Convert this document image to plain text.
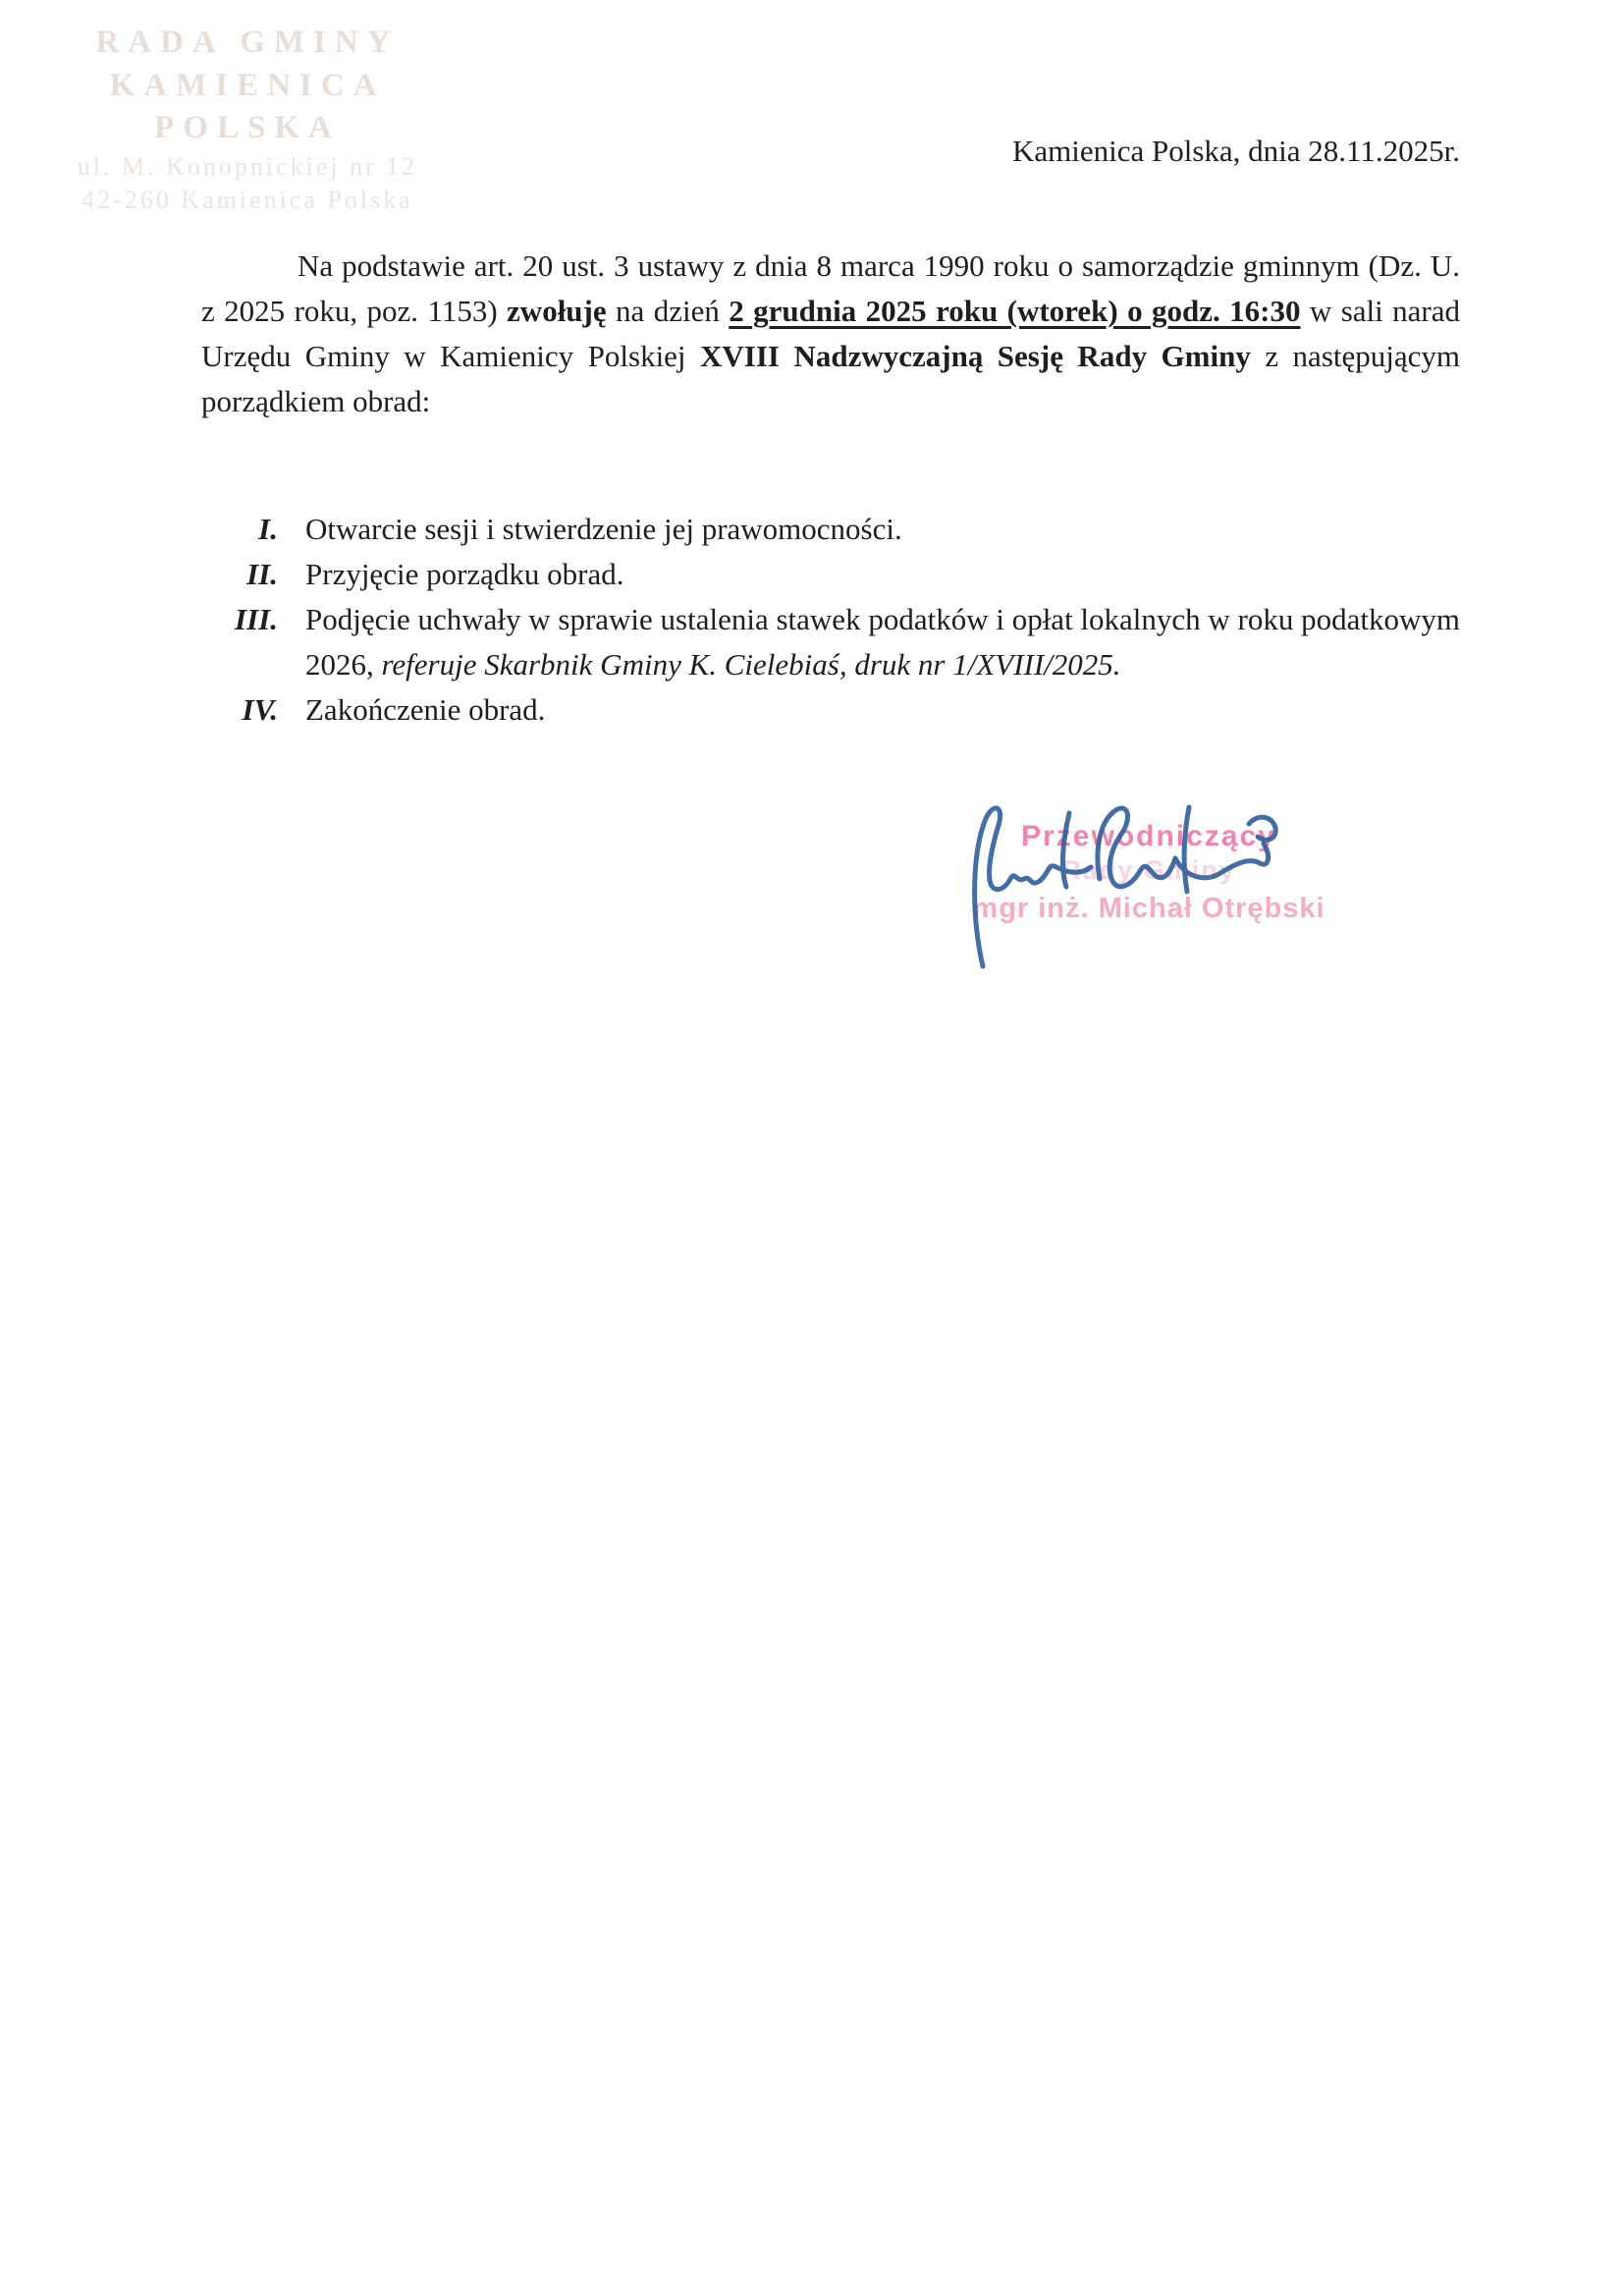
RADA GMINY
KAMIENICA POLSKA
ul. M. Konopnickiej nr 12
42-260 Kamienica Polska
Kamienica Polska, dnia 28.11.2025r.

Na podstawie art. 20 ust. 3 ustawy z dnia 8 marca 1990 roku o samorządzie gminnym (Dz. U. z 2025 roku, poz. 1153) zwołuję na dzień 2 grudnia 2025 roku (wtorek) o godz. 16:30 w sali narad Urzędu Gminy w Kamienicy Polskiej XVIII Nadzwyczajną Sesję Rady Gminy z następującym porządkiem obrad:

I. Otwarcie sesji i stwierdzenie jej prawomocności.
II. Przyjęcie porządku obrad.
III. Podjęcie uchwały w sprawie ustalenia stawek podatków i opłat lokalnych w roku podatkowym 2026, referuje Skarbnik Gminy K. Cielebiaś, druk nr 1/XVIII/2025.
IV. Zakończenie obrad.
Przewodniczący
Rady Gminy
mgr inż. Michał Otrębski
